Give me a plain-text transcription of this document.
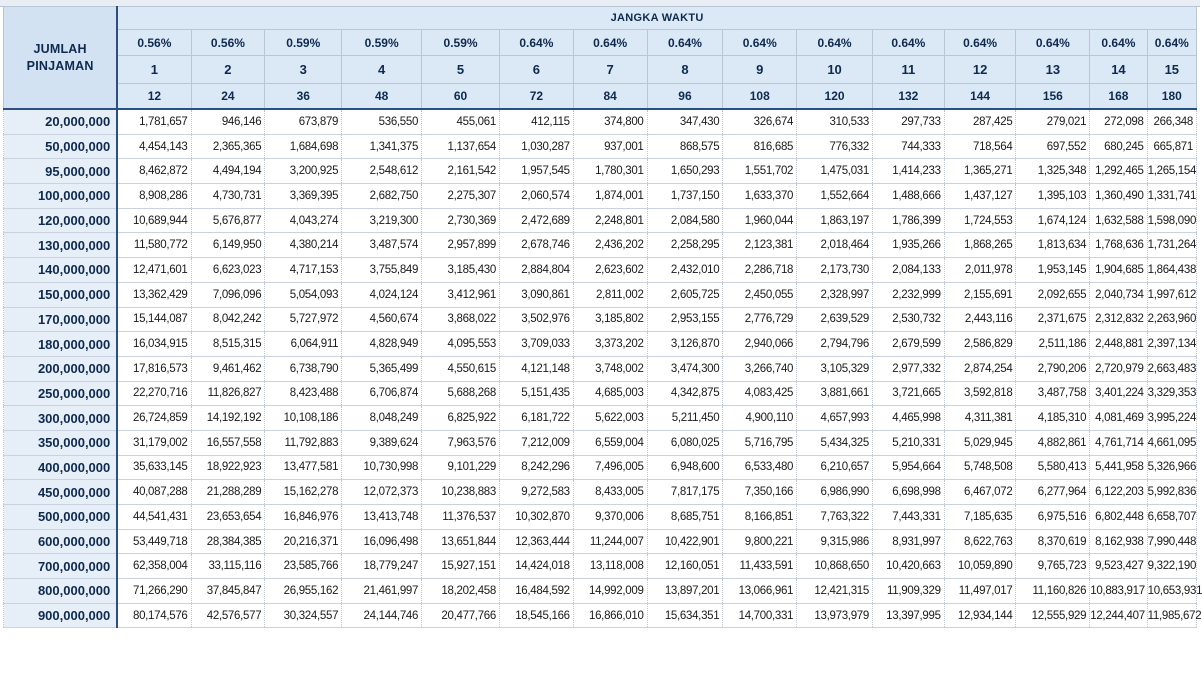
JUMLAH PINJAMAN	JANGKA WAKTU														
	0.56%	0.56%	0.59%	0.59%	0.59%	0.64%	0.64%	0.64%	0.64%	0.64%	0.64%	0.64%	0.64%	0.64%	0.64%
	1	2	3	4	5	6	7	8	9	10	11	12	13	14	15
	12	24	36	48	60	72	84	96	108	120	132	144	156	168	180
20,000,000	1,781,657	946,146	673,879	536,550	455,061	412,115	374,800	347,430	326,674	310,533	297,733	287,425	279,021	272,098	266,348
50,000,000	4,454,143	2,365,365	1,684,698	1,341,375	1,137,654	1,030,287	937,001	868,575	816,685	776,332	744,333	718,564	697,552	680,245	665,871
95,000,000	8,462,872	4,494,194	3,200,925	2,548,612	2,161,542	1,957,545	1,780,301	1,650,293	1,551,702	1,475,031	1,414,233	1,365,271	1,325,348	1,292,465	1,265,154
100,000,000	8,908,286	4,730,731	3,369,395	2,682,750	2,275,307	2,060,574	1,874,001	1,737,150	1,633,370	1,552,664	1,488,666	1,437,127	1,395,103	1,360,490	1,331,741
120,000,000	10,689,944	5,676,877	4,043,274	3,219,300	2,730,369	2,472,689	2,248,801	2,084,580	1,960,044	1,863,197	1,786,399	1,724,553	1,674,124	1,632,588	1,598,090
130,000,000	11,580,772	6,149,950	4,380,214	3,487,574	2,957,899	2,678,746	2,436,202	2,258,295	2,123,381	2,018,464	1,935,266	1,868,265	1,813,634	1,768,636	1,731,264
140,000,000	12,471,601	6,623,023	4,717,153	3,755,849	3,185,430	2,884,804	2,623,602	2,432,010	2,286,718	2,173,730	2,084,133	2,011,978	1,953,145	1,904,685	1,864,438
150,000,000	13,362,429	7,096,096	5,054,093	4,024,124	3,412,961	3,090,861	2,811,002	2,605,725	2,450,055	2,328,997	2,232,999	2,155,691	2,092,655	2,040,734	1,997,612
170,000,000	15,144,087	8,042,242	5,727,972	4,560,674	3,868,022	3,502,976	3,185,802	2,953,155	2,776,729	2,639,529	2,530,732	2,443,116	2,371,675	2,312,832	2,263,960
180,000,000	16,034,915	8,515,315	6,064,911	4,828,949	4,095,553	3,709,033	3,373,202	3,126,870	2,940,066	2,794,796	2,679,599	2,586,829	2,511,186	2,448,881	2,397,134
200,000,000	17,816,573	9,461,462	6,738,790	5,365,499	4,550,615	4,121,148	3,748,002	3,474,300	3,266,740	3,105,329	2,977,332	2,874,254	2,790,206	2,720,979	2,663,483
250,000,000	22,270,716	11,826,827	8,423,488	6,706,874	5,688,268	5,151,435	4,685,003	4,342,875	4,083,425	3,881,661	3,721,665	3,592,818	3,487,758	3,401,224	3,329,353
300,000,000	26,724,859	14,192,192	10,108,186	8,048,249	6,825,922	6,181,722	5,622,003	5,211,450	4,900,110	4,657,993	4,465,998	4,311,381	4,185,310	4,081,469	3,995,224
350,000,000	31,179,002	16,557,558	11,792,883	9,389,624	7,963,576	7,212,009	6,559,004	6,080,025	5,716,795	5,434,325	5,210,331	5,029,945	4,882,861	4,761,714	4,661,095
400,000,000	35,633,145	18,922,923	13,477,581	10,730,998	9,101,229	8,242,296	7,496,005	6,948,600	6,533,480	6,210,657	5,954,664	5,748,508	5,580,413	5,441,958	5,326,966
450,000,000	40,087,288	21,288,289	15,162,278	12,072,373	10,238,883	9,272,583	8,433,005	7,817,175	7,350,166	6,986,990	6,698,998	6,467,072	6,277,964	6,122,203	5,992,836
500,000,000	44,541,431	23,653,654	16,846,976	13,413,748	11,376,537	10,302,870	9,370,006	8,685,751	8,166,851	7,763,322	7,443,331	7,185,635	6,975,516	6,802,448	6,658,707
600,000,000	53,449,718	28,384,385	20,216,371	16,096,498	13,651,844	12,363,444	11,244,007	10,422,901	9,800,221	9,315,986	8,931,997	8,622,763	8,370,619	8,162,938	7,990,448
700,000,000	62,358,004	33,115,116	23,585,766	18,779,247	15,927,151	14,424,018	13,118,008	12,160,051	11,433,591	10,868,650	10,420,663	10,059,890	9,765,723	9,523,427	9,322,190
800,000,000	71,266,290	37,845,847	26,955,162	21,461,997	18,202,458	16,484,592	14,992,009	13,897,201	13,066,961	12,421,315	11,909,329	11,497,017	11,160,826	10,883,917	10,653,931
900,000,000	80,174,576	42,576,577	30,324,557	24,144,746	20,477,766	18,545,166	16,866,010	15,634,351	14,700,331	13,973,979	13,397,995	12,934,144	12,555,929	12,244,407	11,985,672
